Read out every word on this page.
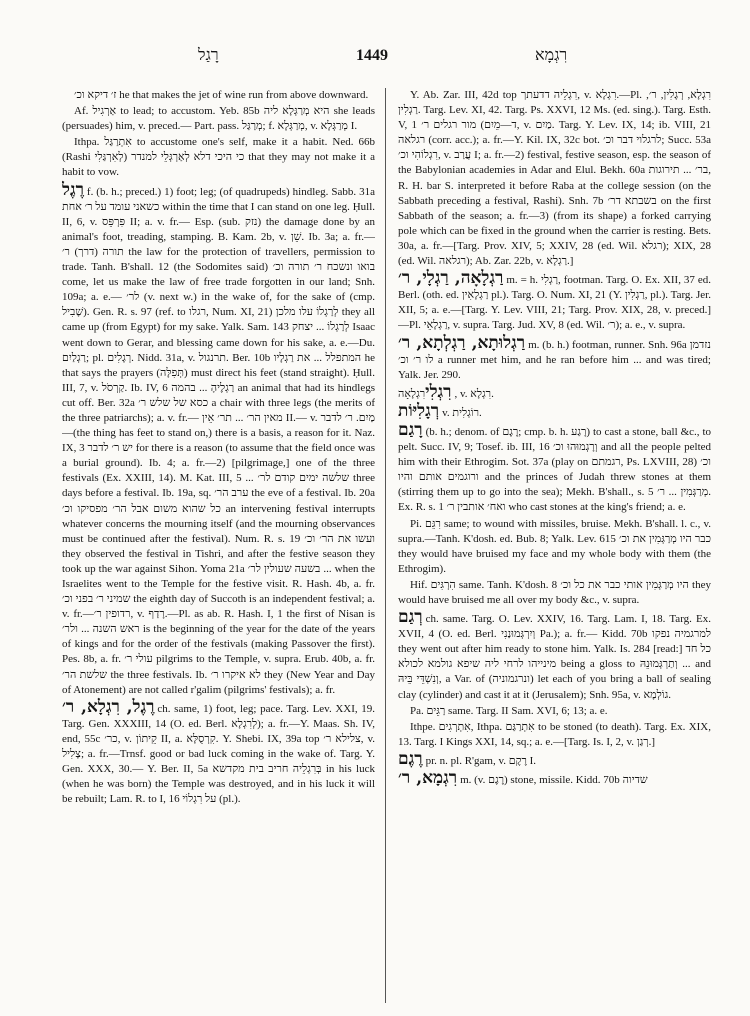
רָגַל	1449	רִגְמָא

ז׳ דיקא וכ׳ he that makes the jet of wine run from above downward.

Af. אַרְגִיל to lead; to accustom. Yeb. 85b היא מְרַגְּלָא ליה she leads (persuades) him, v. preced.— Part. pass. מְרַגַּל; f. מְרַגְּלָא, v. מְרַגְּלָא I.

Ithpa. אִתְרַגַּל to accustome one's self, make it a habit. Ned. 66b (Rashi לְאִרְגַּלִי) כי היכי דלא לְאַרְגְּלֵי למנדר that they may not make it a habit to vow.

רֶגֶל f. (b. h.; preced.) 1) foot; leg; (of quadrupeds) hindleg. Sabb. 31a כשאני עומד על ר׳ אחת within the time that I can stand on one leg. Ḥull. II, 6, v. פִּרְפֵּס II; a. v. fr.— Esp. (sub. נזק) the damage done by an animal's foot, treading, stamping. B. Kam. 2b, v. שֵׁן. Ib. 3a; a. fr.—תורה (דרך) ר׳ the law for the protection of travellers, permission to trade. Tanh. B'shall. 12 (the Sodomites said) בואו ונשכח ר׳ תורה וכ׳ come, let us make the law of free trade forgotten in our land; Snh. 109a; a. e.— לר׳ (v. next w.) in the wake of, for the sake of (cmp. שָׁבִיל). Gen. R. s. 97 (ref. to רגלו, Num. XI, 21) לְרַגְלוֹ עלו מלכן they all came up (from Egypt) for my sake. Yalk. Sam. 143 לְרַגְלוֹ ... יצחק Isaac went down to Gerar, and blessing came down for his sake, a. e.—Du. רַגְלַיִם; pl. רְגָלִים. Nidd. 31a, v. תרנגול. Ber. 10b המתפלל ... את רַגְלָיו he that says the prayers (תְּפִלָּה) must direct his feet (stand straight). Ḥull. III, 7, v. קַרְסֹל. Ib. IV, 6 רַגְלֶיהָ ... בהמה an animal that had its hindlegs cut off. Ber. 32a כסא של שלש ר׳ a chair with three legs (the merits of the three patriarchs); a. v. fr.— מאין הר׳ ... תר׳ אֵין II.— v. מַיִם. ר׳ לדבר—(the thing has feet to stand on,) there is a basis, a reason for it. Naz. IX, 3 יש ר׳ לדבר for there is a reason (to assume that the field once was a burial ground). Ib. 4; a. fr.—2) [pilgrimage,] one of the three festivals (Ex. XXIII, 14). M. Kat. III, 5 ... שלשה ימים קודם לר׳ three days before a festival. Ib. 19a, sq. ערב הר׳ the eve of a festival. Ib. 20a כל שהוא משום אבל הר׳ מפסיקו וכ׳ an intervening festival interrupts whatever concerns the mourning itself (and the mourning observances must be continued after the festival). Num. R. s. 19 ועשו את הר׳ וכ׳ they observed the festival in Tishri, and after the festive season they took up the war against Sihon. Yoma 21a בשעה שעולין לר׳ ... when the Israelites went to the Temple for the festive visit. R. Hash. 4b, a. fr. שמיני ר׳ בפני וכ׳ the eighth day of Succoth is an independent festival; a. v. fr.—רדופין ר׳, v. רָדַף.—Pl. as ab. R. Hash. I, 1 the first of Nisan is ראש השנה ... ולר׳ is the beginning of the year for the date of the years of kings and for the order of the festivals (making Passover the first). Pes. 8b, a. fr. עולי ר׳ pilgrims to the Temple, v. supra. Erub. 40b, a. fr. שלשת הר׳ the three festivals. Ib. לא איקרו ר׳ they (New Year and Day of Atonement) are not called r'galim (pilgrims' festivals); a. fr.

רֶגֶל, רִגְלָא, ר׳ ch. same, 1) foot, leg; pace. Targ. Lev. XXI, 19. Targ. Gen. XXXIII, 14 (O. ed. Berl. לְרִגְלָא); a. fr.—Y. Maas. Sh. IV, end, 55c כר׳, v. קֵיתוֹן II, a. קִרְסֻלָּא. Y. Shebi. IX, 39a top צלילא ר׳, v. צָלִיל; a. fr.—Trnsf. good or bad luck coming in the wake of. Targ. Y. Gen. XXX, 30.— Y. Ber. II, 5a בְּרִגְלֵיה חריב בית מקדשא in his luck (when he was born) the Temple was destroyed, and in his luck it will be rebuilt; Lam. R. to I, 16 על רִגְלוֹי (pl.).

Y. Ab. Zar. III, 42d top רִגְלֵיה דדעתך, v. רִגְלָא.—Pl. רִגְלָא, רְגָלִין, ר׳, רַגְלִין. Targ. Lev. XI, 42. Targ. Ps. XXVI, 12 Ms. (ed. sing.). Targ. Esth. V, 1 מור רגלים ר׳ (ד—מֵיִם, v. מַיִם. Targ. Y. Lev. IX, 14; ib. VIII, 21 רגלאה (corr. acc.); a. fr.—Y. Kil. IX, 32c bot. לרגלוי דבר וכ׳; Succ. 53a רִגְלוֹהִי וכ׳, v. עֲרַב I; a. fr.—2) festival, festive season, esp. the season of the Babylonian academies in Adar and Elul. Bekh. 60a בר׳ ... תירוגות, R. H. bar S. interpreted it before Raba at the college session (on the Sabbath preceding a festival, Rashi). Snh. 7b בשבתא דר׳ on the first Sabbath of the season; a. fr.—3) (from its shape) a forked carrying pole which can be fixed in the ground when the carrier is resting. Bets. 30a, a. fr.—[Targ. Prov. XIV, 5; XXIV, 28 (ed. Wil. רגלא); XIX, 28 (ed. Wil. רגלאה); Ab. Zar. 22b, v. רַגְלָא.]

רַגְלָאָה, רַגְלָי, ר׳ m. = h. רַגְלִי, footman. Targ. O. Ex. XII, 37 ed. Berl. (oth. ed. רַגְלָאִין pl.). Targ. O. Num. XI, 21 (Y. רַגְלִין, pl.). Targ. Jer. XII, 5; a. e.—[Targ. Y. Lev. VIII, 21; Targ. Prov. XIX, 28, v. preced.]—Pl. רַגְלָאֵי, v. supra. Targ. Jud. XV, 8 (ed. Wil. ר׳); a. e., v. supra.

רַגְלוּתָא, רַגְלְתָא, ר׳ m. (b. h.) footman, runner. Snh. 96a נזדמן לו ר׳ וכ׳ a runner met him, and he ran before him ... and was tired; Yalk. Jer. 290.

רִגְלִירִגְלָאָה, v. רִגְלָא.

רְגָלִיּוֹת v. רוֹגְלִית.

רָגַם (b. h.; denom. of רֶגֶם; cmp. b. h. רָגַע) to cast a stone, ball &c., to pelt. Succ. IV, 9; Tosef. ib. III, 16 וְרָגְמוּהוּ וכ׳ and all the people pelted him with their Ethrogim. Sot. 37a (play on רגמתם, Ps. LXVIII, 28) וכ׳ ורוגמים אותם והיו and the princes of Judah threw stones at them (stirring them up to go into the sea); Mekh. B'shall., s. 5 מְרַגְּמִין ... ר׳. Ex. R. s. 1 ואח׳ אותבין ר׳ who cast stones at the king's friend; a. e.

Pi. רִגֵּם same; to wound with missiles, bruise. Mekh. B'shall. l. c., v. supra.—Tanh. K'dosh. ed. Bub. 8; Yalk. Lev. 615 כבר היו מְרַגְּמִין את וכ׳ they would have bruised my face and my whole body with them (the Ethrogim).

Hif. הִרְגִּים same. Tanh. K'dosh. 8 היו מְרַגְּמִין אותי כבר את כל וכ׳ they would have bruised me all over my body &c., v. supra.

רְגַם ch. same. Targ. O. Lev. XXIV, 16. Targ. Lam. I, 18. Targ. Ex. XVII, 4 (O. ed. Berl. וְיִרְגְּמוּנַנִי Pa.); a. fr.— Kidd. 70b למרגמיה נפקו they went out after him ready to stone him. Yalk. Is. 284 [read:] כל חד מינייהו לרחי ליה שיפא גולמא לכולא being a gloss to וְתַרְגְּמוּנֵהּ ... and וְנִשְׁדֵּי בֵּיהּ, a Var. of (ונרגמוניה) let each of you bring a ball of sealing clay (cylinder) and cast it at it (Jerusalem); Snh. 95a, v. גוֹלְמָא.

Pa. רַגֵּים same. Targ. II Sam. XVI, 6; 13; a. e.

Ithpe. אִתְרְגִים, Ithpa. אִתְרַגַּם to be stoned (to death). Targ. Ex. XIX, 13. Targ. I Kings XXI, 14, sq.; a. e.—[Targ. Is. I, 2, v. רְגַן.]

רֶגֶם pr. n. pl. R'gam, v. רֶקֶם I.

רִגְמָא, ר׳ m. (v. רֶגֶם) stone, missile. Kidd. 70b שדיוה
